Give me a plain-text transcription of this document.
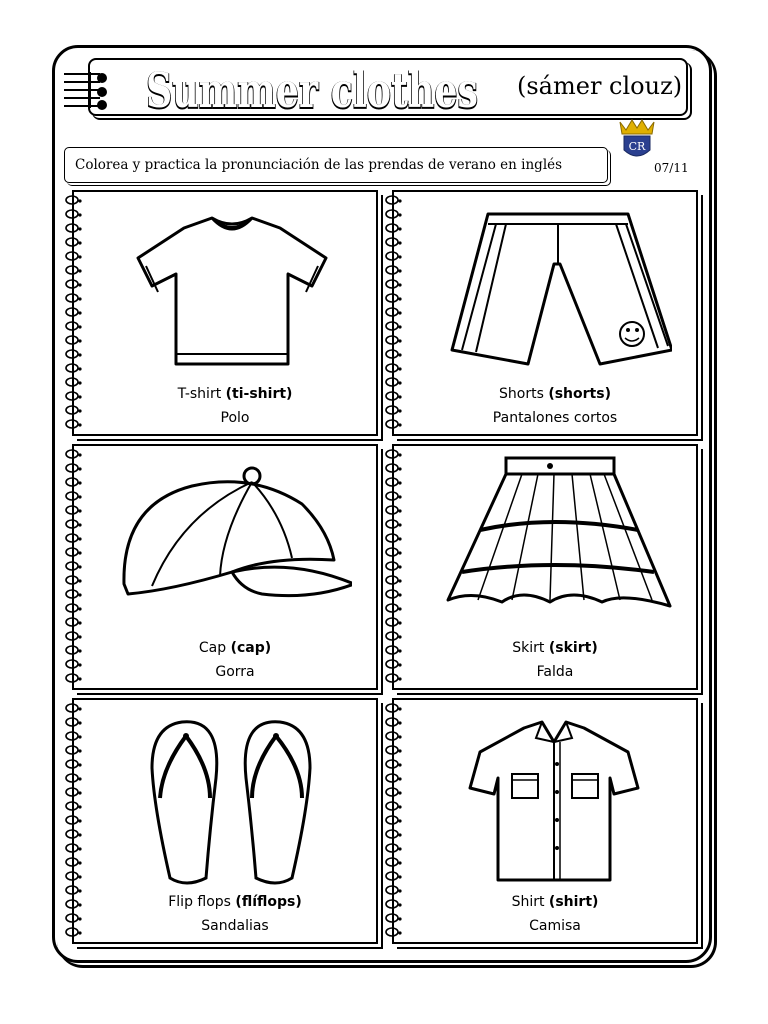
Summer clothes
Summer clothes (sámer clouz)
CR
07/11
Colorea y practica la pronunciación de las prendas de verano en inglés
T-shirt (ti-shirt)
Polo
Shorts (shorts)
Pantalones cortos
Cap (cap)
Gorra
Skirt (skirt)
Falda
Flip flops (flíflops)
Sandalias
Shirt (shirt)
Camisa
